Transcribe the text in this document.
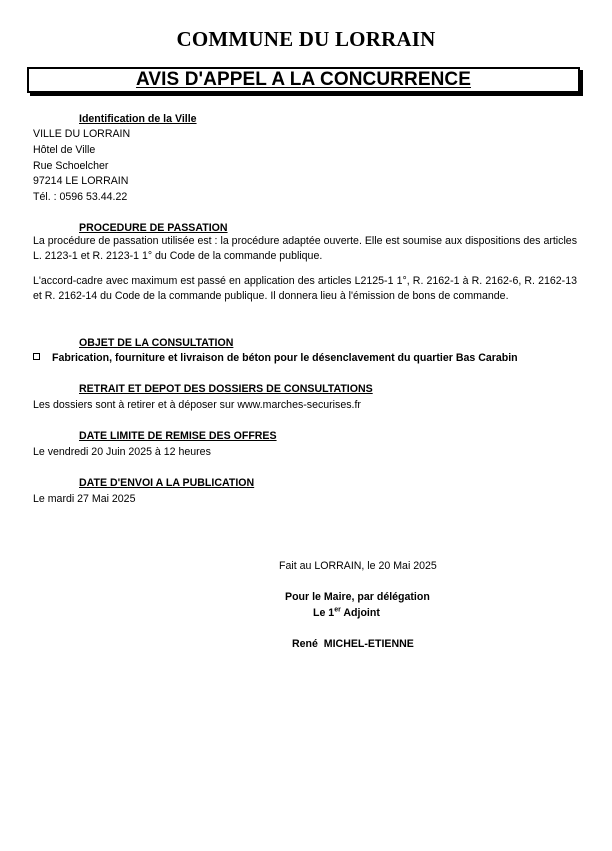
COMMUNE DU LORRAIN
AVIS D'APPEL A LA CONCURRENCE
Identification de la Ville
VILLE DU LORRAIN
Hôtel de Ville
Rue Schoelcher
97214 LE LORRAIN
Tél. : 0596 53.44.22
PROCEDURE DE PASSATION
La procédure de passation utilisée est : la procédure adaptée ouverte. Elle est soumise aux dispositions des articles L. 2123-1 et R. 2123-1 1° du Code de la commande publique.
L'accord-cadre avec maximum est passé en application des articles L2125-1 1°, R. 2162-1 à R. 2162-6, R. 2162-13 et R. 2162-14 du Code de la commande publique. Il donnera lieu à l'émission de bons de commande.
OBJET DE LA CONSULTATION
Fabrication, fourniture et livraison de béton pour le désenclavement du quartier Bas Carabin
RETRAIT ET DEPOT DES DOSSIERS DE CONSULTATIONS
Les dossiers sont à retirer et à déposer sur www.marches-securises.fr
DATE LIMITE DE REMISE DES OFFRES
Le vendredi 20 Juin 2025 à 12 heures
DATE D'ENVOI A LA PUBLICATION
Le mardi 27 Mai 2025
Fait au LORRAIN, le 20 Mai 2025
Pour le Maire, par délégation
Le 1er Adjoint
René  MICHEL-ETIENNE
